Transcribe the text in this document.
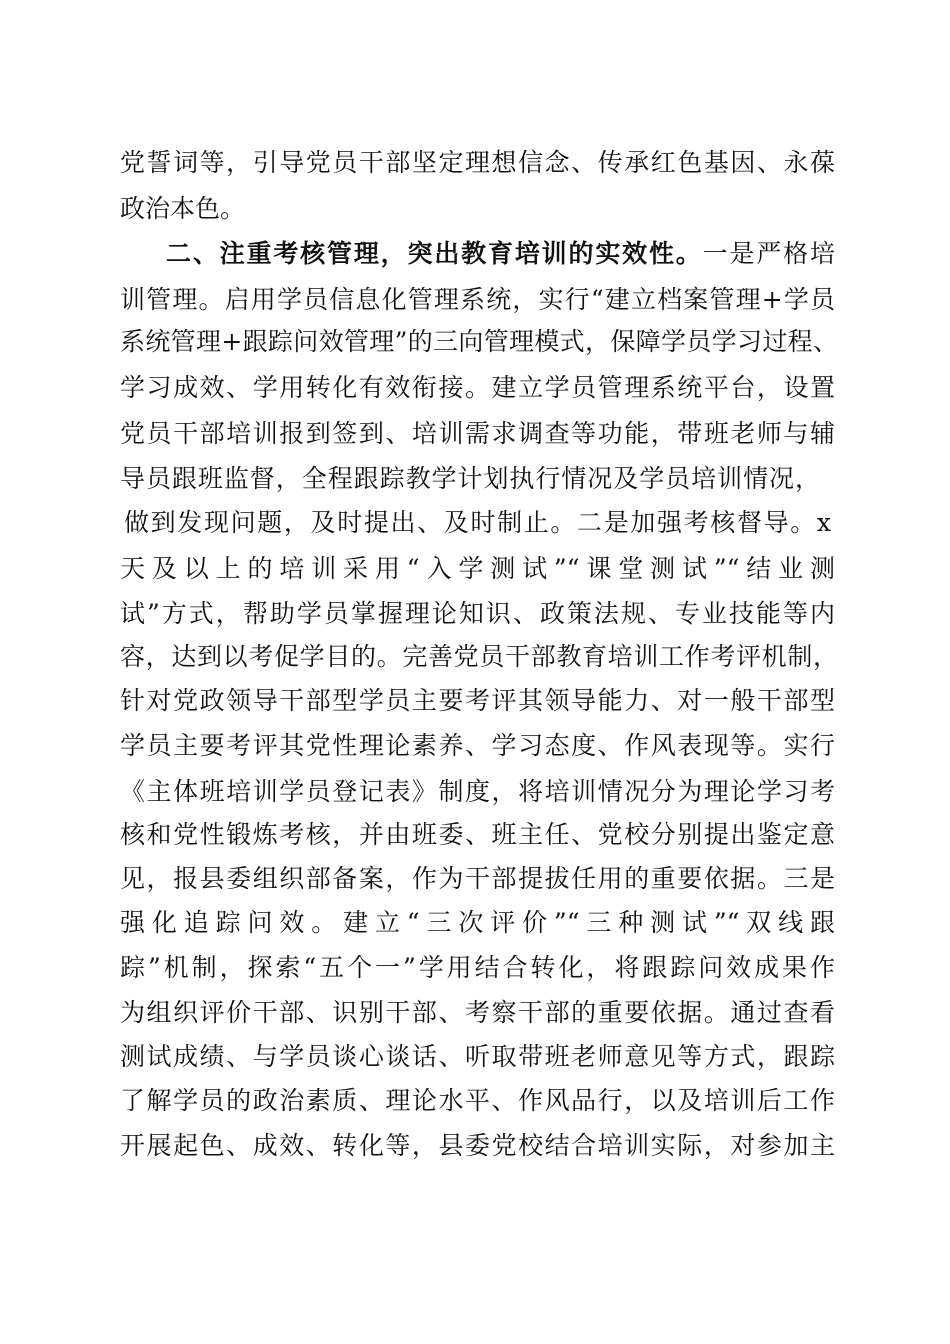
党誓词等，引导党员干部坚定理想信念、传承红色基因、永葆
政治本色。
二、注重考核管理，突出教育培训的实效性。一是严格培
训管理。启用学员信息化管理系统，实行“建立档案管理+学员
系统管理+跟踪问效管理”的三向管理模式，保障学员学习过程、
学习成效、学用转化有效衔接。建立学员管理系统平台，设置
党员干部培训报到签到、培训需求调查等功能，带班老师与辅
导员跟班监督，全程跟踪教学计划执行情况及学员培训情况，
做到发现问题，及时提出、及时制止。二是加强考核督导。x
天及以上的培训采用“入学测试”“课堂测试”“结业测
试”方式，帮助学员掌握理论知识、政策法规、专业技能等内
容，达到以考促学目的。完善党员干部教育培训工作考评机制，
针对党政领导干部型学员主要考评其领导能力、对一般干部型
学员主要考评其党性理论素养、学习态度、作风表现等。实行
《主体班培训学员登记表》制度，将培训情况分为理论学习考
核和党性锻炼考核，并由班委、班主任、党校分别提出鉴定意
见，报县委组织部备案，作为干部提拔任用的重要依据。三是
强化追踪问效。建立“三次评价”“三种测试”“双线跟
踪”机制，探索“五个一”学用结合转化，将跟踪问效成果作
为组织评价干部、识别干部、考察干部的重要依据。通过查看
测试成绩、与学员谈心谈话、听取带班老师意见等方式，跟踪
了解学员的政治素质、理论水平、作风品行，以及培训后工作
开展起色、成效、转化等，县委党校结合培训实际，对参加主
